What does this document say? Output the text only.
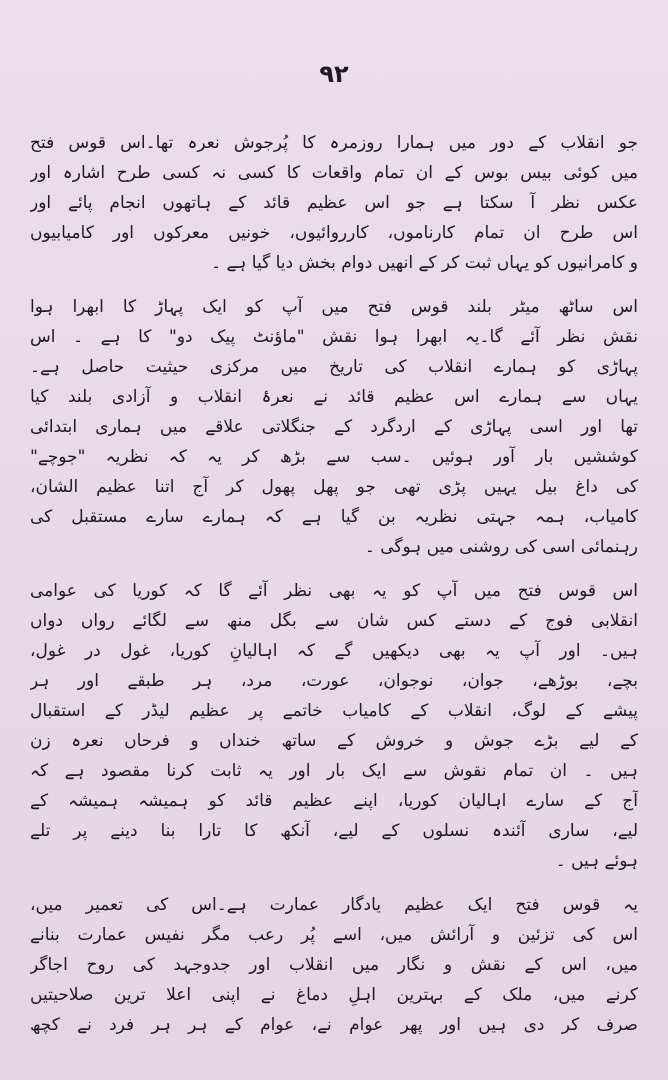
۹۲
جو انقلاب کے دور میں ہمارا روزمرہ کا پُرجوش نعرہ تھا۔اس قوس فتح
میں کوئی بیس بوس کے ان تمام واقعات کا کسی نہ کسی طرح اشارہ اور
عکس نظر آ سکتا ہے جو اس عظیم قائد کے ہاتھوں انجام پائے اور
اس طرح ان تمام کارناموں، کارروائیوں، خونیں معرکوں اور کامیابیوں
و کامرانیوں کو یہاں ثبت کر کے انھیں دوام بخش دیا گیا ہے ۔
اس ساٹھ میٹر بلند قوس فتح میں آپ کو ایک پہاڑ کا ابھرا ہوا
نقش نظر آئے گا۔یہ ابھرا ہوا نقش "ماؤنٹ پیک دو" کا ہے ۔ اس
پہاڑی کو ہمارے انقلاب کی تاریخ میں مرکزی حیثیت حاصل ہے۔
یہاں سے ہمارے اس عظیم قائد نے نعرۂ انقلاب و آزادی بلند کیا
تھا اور اسی پہاڑی کے اردگرد کے جنگلاتی علاقے میں ہماری ابتدائی
کوششیں بار آور ہوئیں ۔سب سے بڑھ کر یہ کہ نظریہ "جوچے"
کی داغ بیل یہیں پڑی تھی جو پھل پھول کر آج اتنا عظیم الشان،
کامیاب، ہمہ جہتی نظریہ بن گیا ہے کہ ہمارے سارے مستقبل کی
رہنمائی اسی کی روشنی میں ہوگی ۔
اس قوس فتح میں آپ کو یہ بھی نظر آئے گا کہ کوریا کی عوامی
انقلابی فوج کے دستے کس شان سے بگل منھ سے لگائے رواں دواں
ہیں۔ اور آپ یہ بھی دیکھیں گے کہ اہالیانِ کوریا، غول در غول،
بچے، بوڑھے، جوان، نوجوان، عورت، مرد، ہر طبقے اور ہر
پیشے کے لوگ، انقلاب کے کامیاب خاتمے پر عظیم لیڈر کے استقبال
کے لیے بڑے جوش و خروش کے ساتھ خنداں و فرحاں نعرہ زن
ہیں ۔ ان تمام نقوش سے ایک بار اور یہ ثابت کرنا مقصود ہے کہ
آج کے سارے اہالیان کوریا، اپنے عظیم قائد کو ہمیشہ ہمیشہ کے
لیے، ساری آئندہ نسلوں کے لیے، آنکھ کا تارا بنا دینے پر تلے
ہوئے ہیں ۔
یہ قوس فتح ایک عظیم یادگار عمارت ہے۔اس کی تعمیر میں،
اس کی تزئین و آرائش میں، اسے پُر رعب مگر نفیس عمارت بنانے
میں، اس کے نقش و نگار میں انقلاب اور جدوجہد کی روح اجاگر
کرنے میں، ملک کے بہترین اہلِ دماغ نے اپنی اعلا ترین صلاحیتیں
صرف کر دی ہیں اور پھر عوام نے، عوام کے ہر ہر فرد نے کچھ
